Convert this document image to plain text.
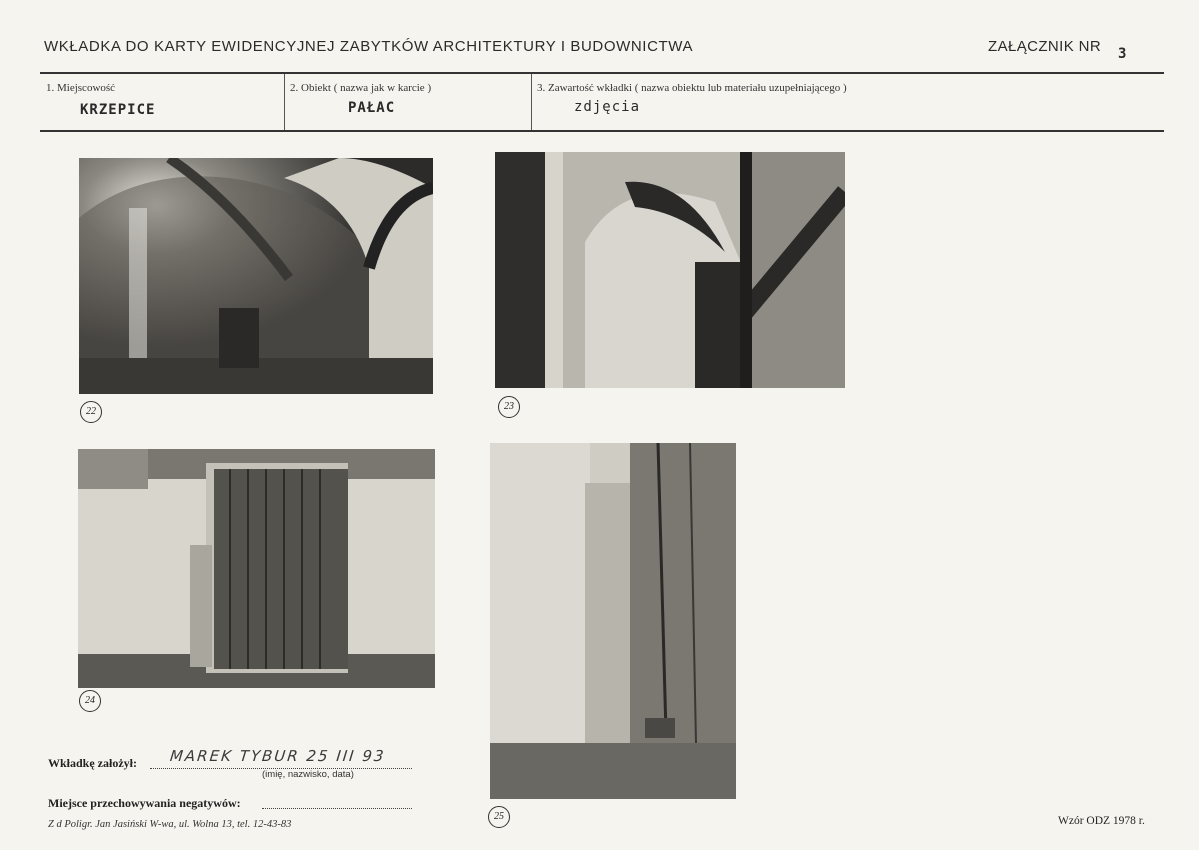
WKŁADKA DO KARTY EWIDENCYJNEJ ZABYTKÓW ARCHITEKTURY I BUDOWNICTWA	ZAŁĄCZNIK NR 3
1. Miejscowość
KRZEPICE
2. Obiekt ( nazwa jak w karcie )
PAŁAC
3. Zawartość wkładki ( nazwa obiektu lub materiału uzupełniającego )
zdjęcia
22	23
24
25
Wkładkę założył: MAREK TYBUR 25 III 93
(imię, nazwisko, data)
Miejsce przechowywania negatywów:
Z d Poligr. Jan Jasiński W-wa, ul. Wolna 13, tel. 12-43-83	Wzór ODZ 1978 r.
